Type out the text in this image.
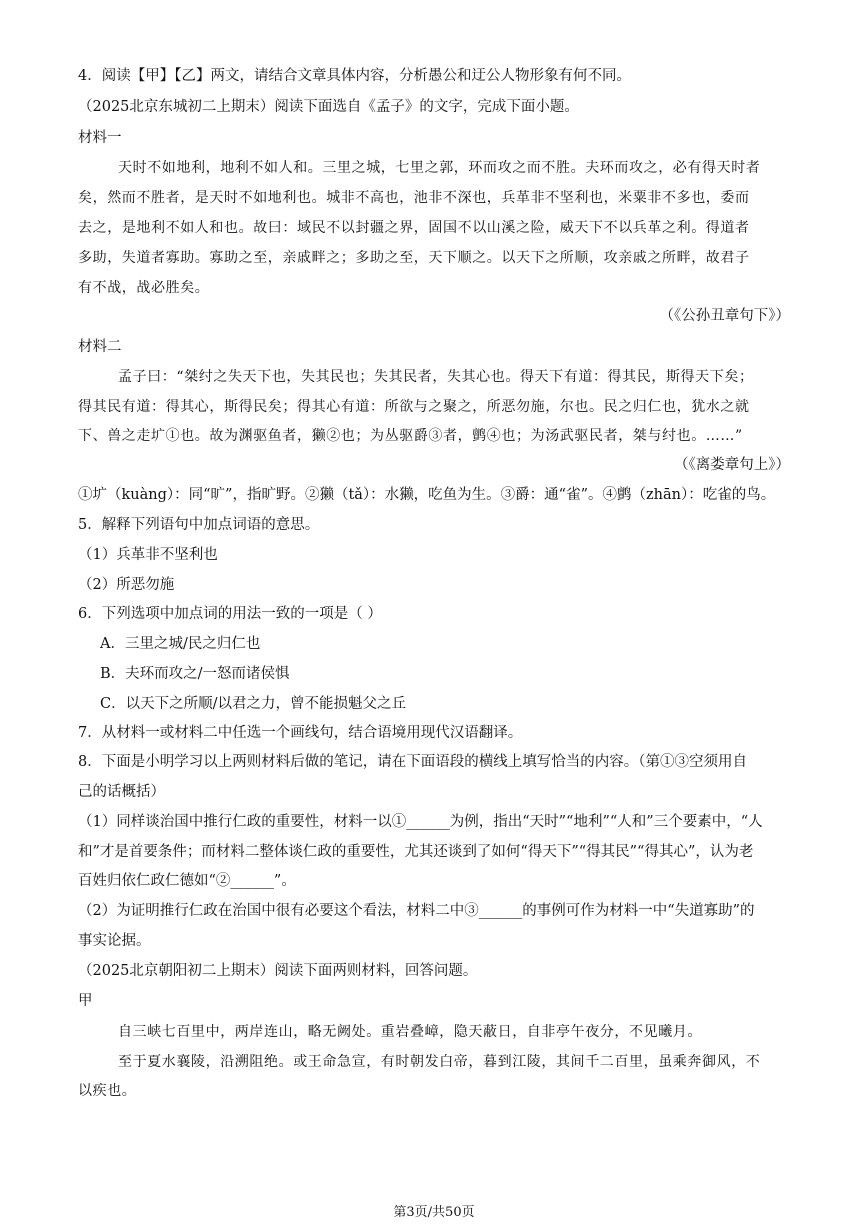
4．阅读【甲】【乙】两文，请结合文章具体内容，分析愚公和迂公人物形象有何不同。
（2025北京东城初二上期末）阅读下面选自《孟子》的文字，完成下面小题。
材料一
天时不如地利，地利不如人和。三里之城，七里之郭，环而攻之而不胜。夫环而攻之，必有得天时者
矣，然而不胜者，是天时不如地利也。城非不高也，池非不深也，兵革非不坚利也，米粟非不多也，委而
去之，是地利不如人和也。故曰：域民不以封疆之界，固国不以山溪之险，威天下不以兵革之利。得道者
多助，失道者寡助。寡助之至，亲戚畔之；多助之至，天下顺之。以天下之所顺，攻亲戚之所畔，故君子
有不战，战必胜矣。
（《公孙丑章句下》）
材料二
孟子曰：“桀纣之失天下也，失其民也；失其民者，失其心也。得天下有道：得其民，斯得天下矣；
得其民有道：得其心，斯得民矣；得其心有道：所欲与之聚之，所恶勿施，尔也。民之归仁也，犹水之就
下、兽之走圹①也。故为渊驱鱼者，獭②也；为丛驱爵③者，鹯④也；为汤武驱民者，桀与纣也。……”
（《离娄章句上》）
①圹（kuàng）：同“旷”，指旷野。②獭（tǎ）：水獭，吃鱼为生。③爵：通“雀”。④鹯（zhān）：吃雀的鸟。
5．解释下列语句中加点词语的意思。
（1）兵革非不坚利也
（2）所恶勿施
6．下列选项中加点词的用法一致的一项是（ ）
A．三里之城/民之归仁也
B．夫环而攻之/一怒而诸侯惧
C．以天下之所顺/以君之力，曾不能损魁父之丘
7．从材料一或材料二中任选一个画线句，结合语境用现代汉语翻译。
8．下面是小明学习以上两则材料后做的笔记，请在下面语段的横线上填写恰当的内容。（第①③空须用自
己的话概括）
（1）同样谈治国中推行仁政的重要性，材料一以①______为例，指出“天时”“地利”“人和”三个要素中，“人
和”才是首要条件；而材料二整体谈仁政的重要性，尤其还谈到了如何“得天下”“得其民”“得其心”，认为老
百姓归依仁政仁德如“②______”。
（2）为证明推行仁政在治国中很有必要这个看法，材料二中③______的事例可作为材料一中“失道寡助”的
事实论据。
（2025北京朝阳初二上期末）阅读下面两则材料，回答问题。
甲
自三峡七百里中，两岸连山，略无阙处。重岩叠嶂，隐天蔽日，自非亭午夜分，不见曦月。
至于夏水襄陵，沿溯阻绝。或王命急宣，有时朝发白帝，暮到江陵，其间千二百里，虽乘奔御风，不
以疾也。
第3页/共50页
